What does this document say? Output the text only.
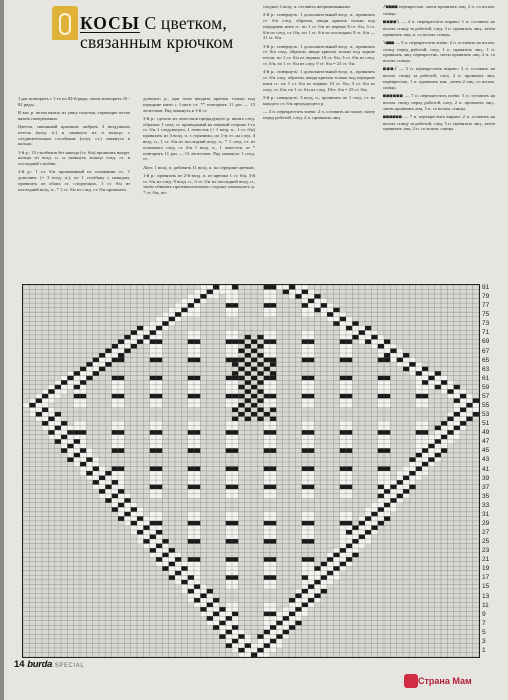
КОСЫ С цветком,
связанным крючком

1 раз повторить с 1-го по 82-й ряды, затем повторить 19 - 82 ряды.

В кат. р. петли вязать из ушку полотна, сереющие петли вязать попеременно.

Цветок, связанный крючком: набрать 3 воздушных петель (возд. п.) и замкнуть их в кольцо, с соединительным столбиком (соед. ст.) замкнуть в кольцо.

1-й р.: 15 столбиков без накида (ст. б/н) провязать вокруг кольца из возд. п. и замкнуть кольцо соед. ст. в последний столбик.

2-й р.: 1 ст. б/н провязанный из основания ст., 1 дополнит. (+ 3 возд. п.), по 1 столбику с накидом, провязать из обоих ст. следующих, 1 ст. б/н из последний возд. п., * 1 ст. б/н из след. ст. б/н провязать.

дующего р., при этом вводить крючок только под передние нити с 1-ного ст. ** повторить 11 раз — 15 лепестков. Ряд замкнуть в 1-й ст.

3-й р.: сделать из лепестков предыдущего р. вязать след. образом: 1 соед. ст. проводимый на лицевой стороне 1-го ст. б/н 1 следующего, 1 лепесток (+ 1 возд. п., 1 ст. б/н) провязать из 3 возд. п. с горячими, по 1-м ст. на след. 4 возд. п., 1 ст. б/н из последний возд. п., * 1 соед. ст. из основного след. ст. б/н 1 возд. п., 1 лепесток, от * повторить 11 раз — 13 лепестков. Ряд замкнуть 1 соед. ст.

Лист, 1 возд. п. добавить 11 возд. п. по середине цветков.

1-й р.: провязать из 2-й возд. п. от крючка 1 ст. б/н, 3-й ст. б/н из след. 9 возд. п., 3 ст. б/н из последней возд. п., затем обвязать противоположную сторону начального р. 7 ст. б/н, по-

следнее 2 возд. п. оставить непровязанными.

2-й р.: повернуть: 1 дополнительный возд. п., провязать ст. б/н след. образом, вводя крючок только под переднюю нить п.: по 1 ст. б/н из первых 8 ст. б/н, 3 ст. б/н из след. ст. б/н, по 1 ст. б/н из последних 8 ст. б/н — 21 ст. б/н.

3-й р.: повернуть: 1 дополнительный возд. п., провязать ст. б/н след. образом, вводя крючок только под задние петли: по 1 ст. б/н из первых 10 ст. б/н, 3 ст. б/н из след. ст. б/н, по 1 ст. б/н из след. 9 ст. б/н = 23 ст. б/н.

4-й р.: повернуть: 1 дополнительный возд. п., провязать ст. б/н след. образом, вводя крючок только под передние нити п.: по 1 ст. б/н из первых 10 ст. б/н, 3 ст. б/н из след. ст. б/н, по 1 ст. б/н из след. 10ст. б/н = 25 ст. б/н.

5-й р.: повернуть: 3 возд. п., провязать по 1 соед. ст. из каждого ст. б/н предыдущего р.

— 4 п. перекрестить влево: 2 п. оставить на плане, снизу перед работой, след. 2 п. провязать лиц.

/■■■■ перекрестно, затем провязать лиц. 2 п. со вспом. спицы.

■■■■\ — 4 п. перекрестить вправо: 1 п. оставить на вспом. спицу за работой, след. 3 п. провязать лиц., затем провязать лиц. п. со вспом. спицы.

\■■■ — 5 п. перекрестить влево: 2 п. оставить на вспом. спицу перед работой, след. 1 п. провязать лиц., 1 п. провязать лиц. перекрестно, затем провязать лиц. 2 п. со вспом. спицы.

■■■/ — 5 п. перекрестить вправо: 2 п. оставить на вспом. спицу за работой, след. 2 п. провязать лиц. перекрестно, 1 п. провязать изн., затем 2 лиц. со вспом. спицы.

■■■■■■ — 7 п. перекрестить влево: 5 п. оставить на вспом. спицу перед работой, след. 2 п. провязать лиц., затем провязать лиц. 5 п. со вспом. спицы.

■■■■■■ — 7 п. перекрестить вправо: 2 п. оставить на вспом. спицу за работой, след. 5 п. провязать лиц., затем провязать лиц. 2 п. со вспом. спицы.

81
79
77
75
73
71
69
67
65
63
61
59
57
55
53
51
49
47
45
43
41
39
37
35
33
31
29
27
25
23
21
19
17
15
13
11
9
7
5
3
1
14 burda SPECIAL
Страна Мам
